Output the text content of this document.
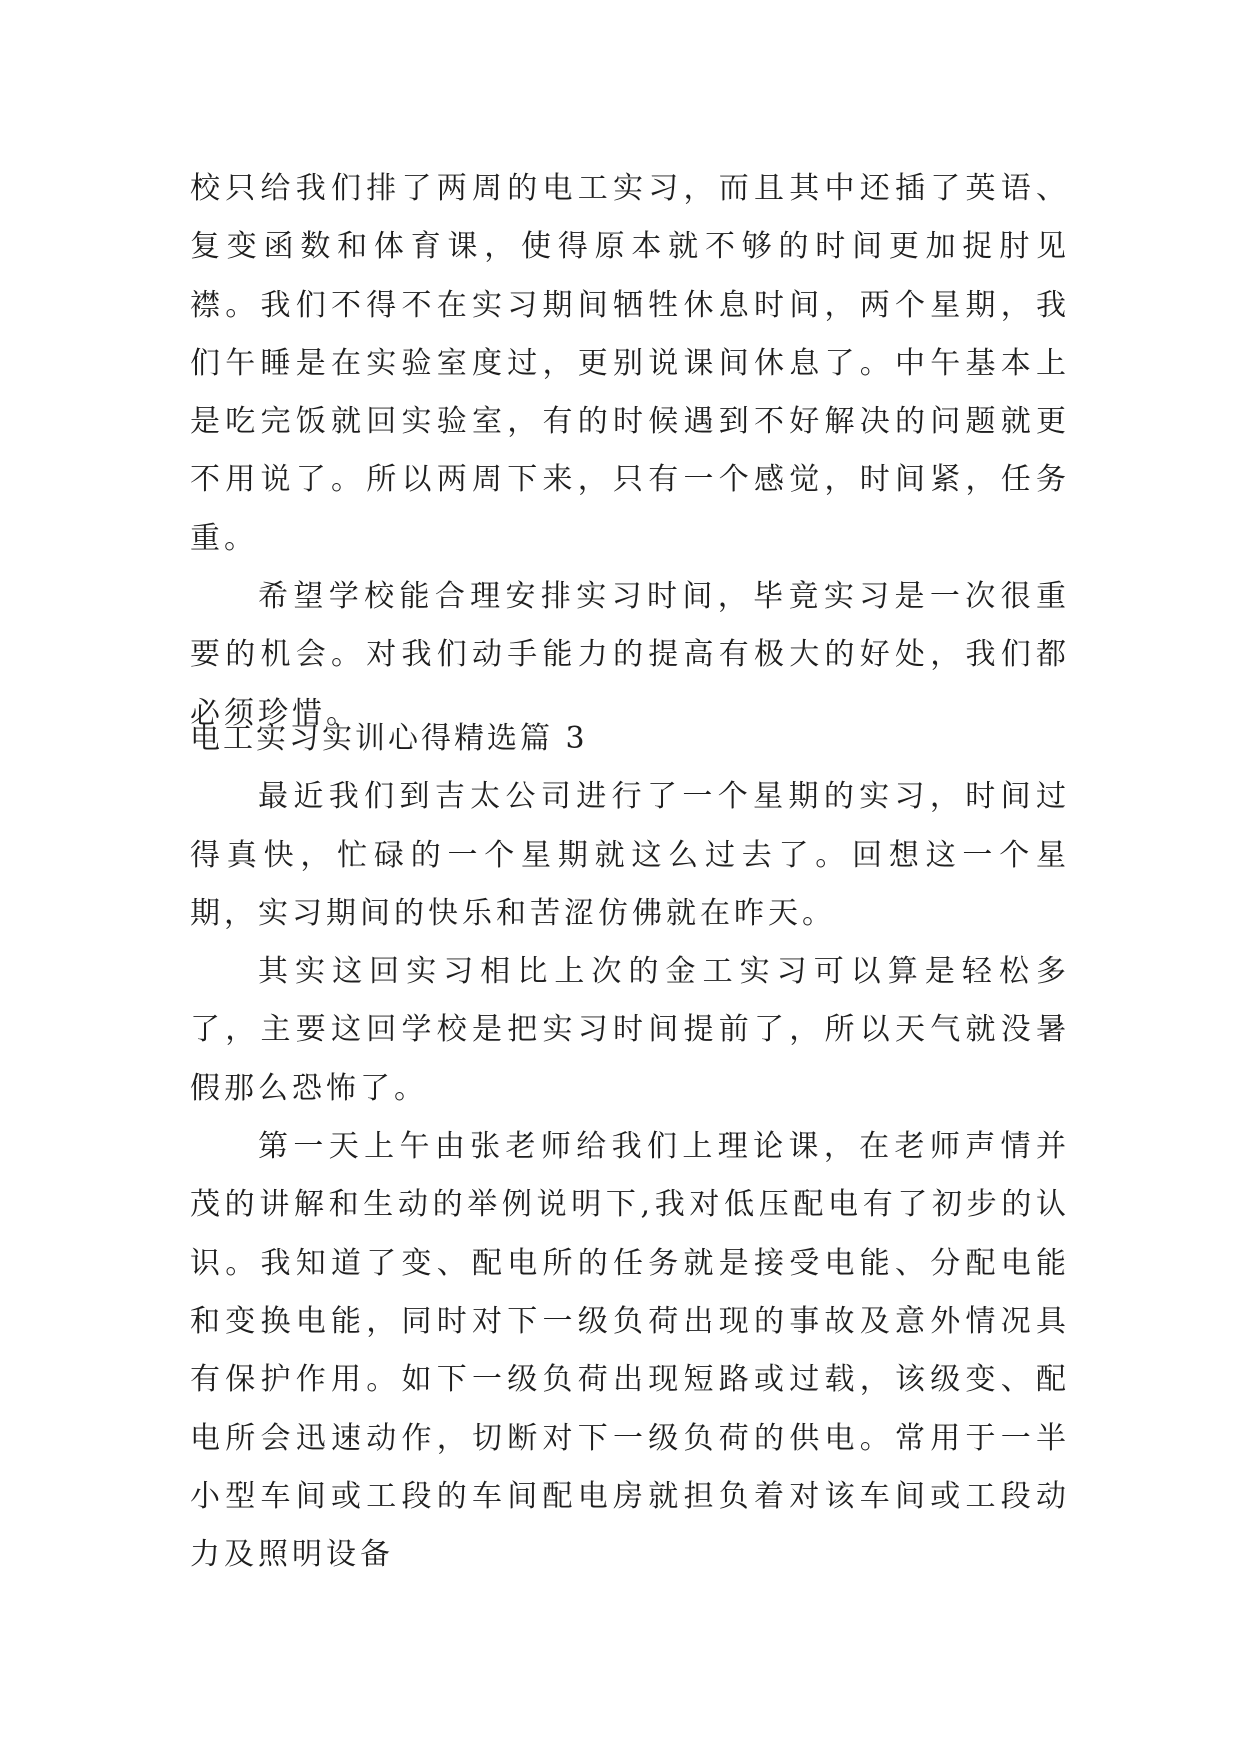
校只给我们排了两周的电工实习，而且其中还插了英语、复变函数和体育课，使得原本就不够的时间更加捉肘见襟。我们不得不在实习期间牺牲休息时间，两个星期，我们午睡是在实验室度过，更别说课间休息了。中午基本上是吃完饭就回实验室，有的时候遇到不好解决的问题就更不用说了。所以两周下来，只有一个感觉，时间紧，任务重。

希望学校能合理安排实习时间，毕竟实习是一次很重要的机会。对我们动手能力的提高有极大的好处，我们都必须珍惜。

电工实习实训心得精选篇 3

最近我们到吉太公司进行了一个星期的实习，时间过得真快，忙碌的一个星期就这么过去了。回想这一个星期，实习期间的快乐和苦涩仿佛就在昨天。

其实这回实习相比上次的金工实习可以算是轻松多了，主要这回学校是把实习时间提前了，所以天气就没暑假那么恐怖了。

第一天上午由张老师给我们上理论课，在老师声情并茂的讲解和生动的举例说明下,我对低压配电有了初步的认识。我知道了变、配电所的任务就是接受电能、分配电能和变换电能，同时对下一级负荷出现的事故及意外情况具有保护作用。如下一级负荷出现短路或过载，该级变、配电所会迅速动作，切断对下一级负荷的供电。常用于一半小型车间或工段的车间配电房就担负着对该车间或工段动力及照明设备
